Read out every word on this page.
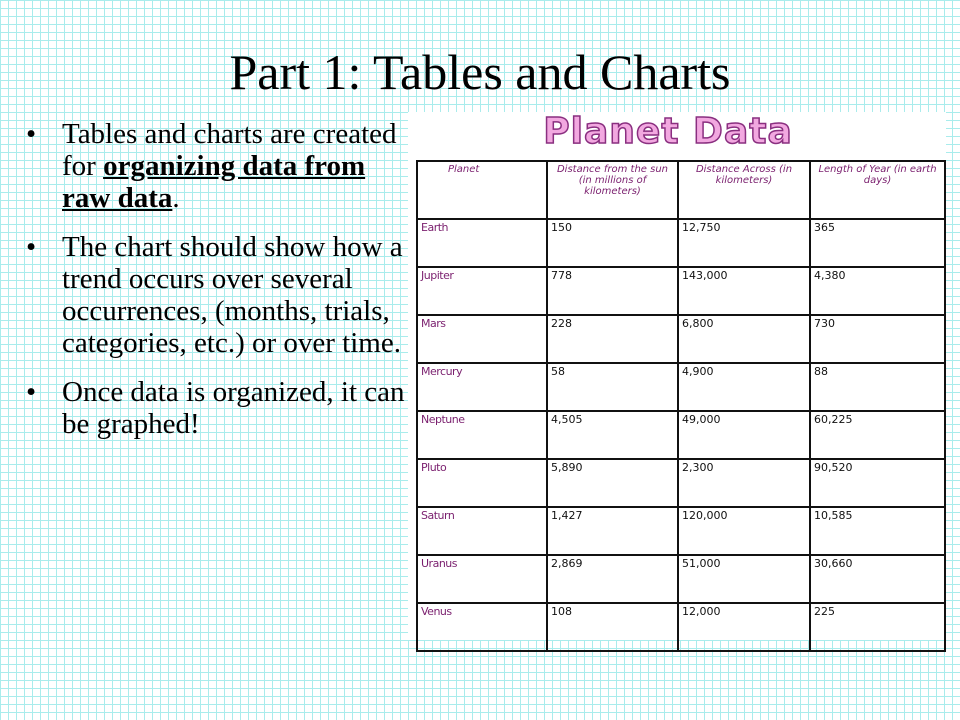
Part 1: Tables and Charts
• Tables and charts are created for organizing data from raw data.
• The chart should show how a trend occurs over several occurrences, (months, trials, categories, etc.) or over time.
• Once data is organized, it can be graphed!
Planet Data
Planet	Distance from the sun (in millions of kilometers)	Distance Across (in kilometers)	Length of Year (in earth days)
Earth	150	12,750	365
Jupiter	778	143,000	4,380
Mars	228	6,800	730
Mercury	58	4,900	88
Neptune	4,505	49,000	60,225
Pluto	5,890	2,300	90,520
Saturn	1,427	120,000	10,585
Uranus	2,869	51,000	30,660
Venus	108	12,000	225
